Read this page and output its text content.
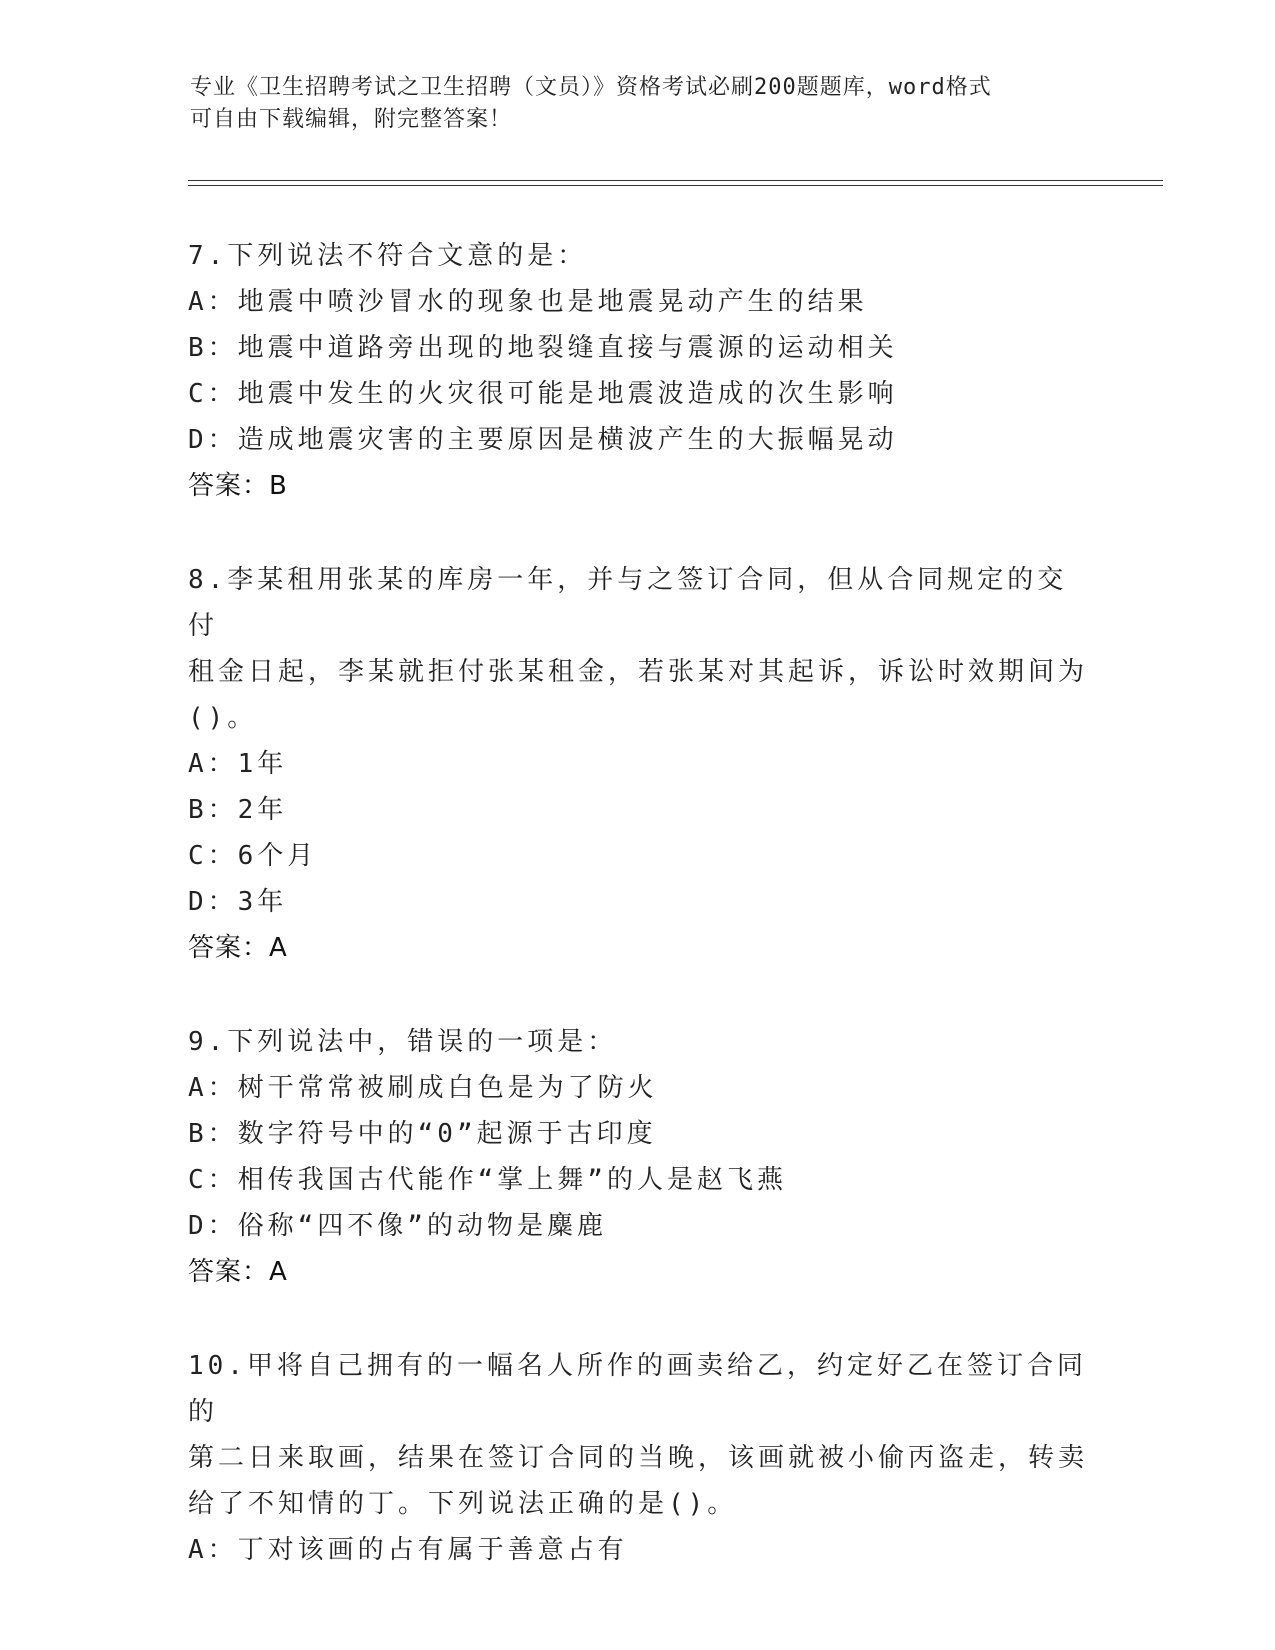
专业《卫生招聘考试之卫生招聘（文员）》资格考试必刷200题题库，word格式
可自由下载编辑，附完整答案！
7.下列说法不符合文意的是：
A：地震中喷沙冒水的现象也是地震晃动产生的结果
B：地震中道路旁出现的地裂缝直接与震源的运动相关
C：地震中发生的火灾很可能是地震波造成的次生影响
D：造成地震灾害的主要原因是横波产生的大振幅晃动
答案：B
8.李某租用张某的库房一年，并与之签订合同，但从合同规定的交付
租金日起，李某就拒付张某租金，若张某对其起诉，诉讼时效期间为
()。
A：1年
B：2年
C：6个月
D：3年
答案：A
9.下列说法中，错误的一项是：
A：树干常常被刷成白色是为了防火
B：数字符号中的“0”起源于古印度
C：相传我国古代能作“掌上舞”的人是赵飞燕
D：俗称“四不像”的动物是麋鹿
答案：A
10.甲将自己拥有的一幅名人所作的画卖给乙，约定好乙在签订合同的
第二日来取画，结果在签订合同的当晚，该画就被小偷丙盗走，转卖
给了不知情的丁。下列说法正确的是()。
A：丁对该画的占有属于善意占有
